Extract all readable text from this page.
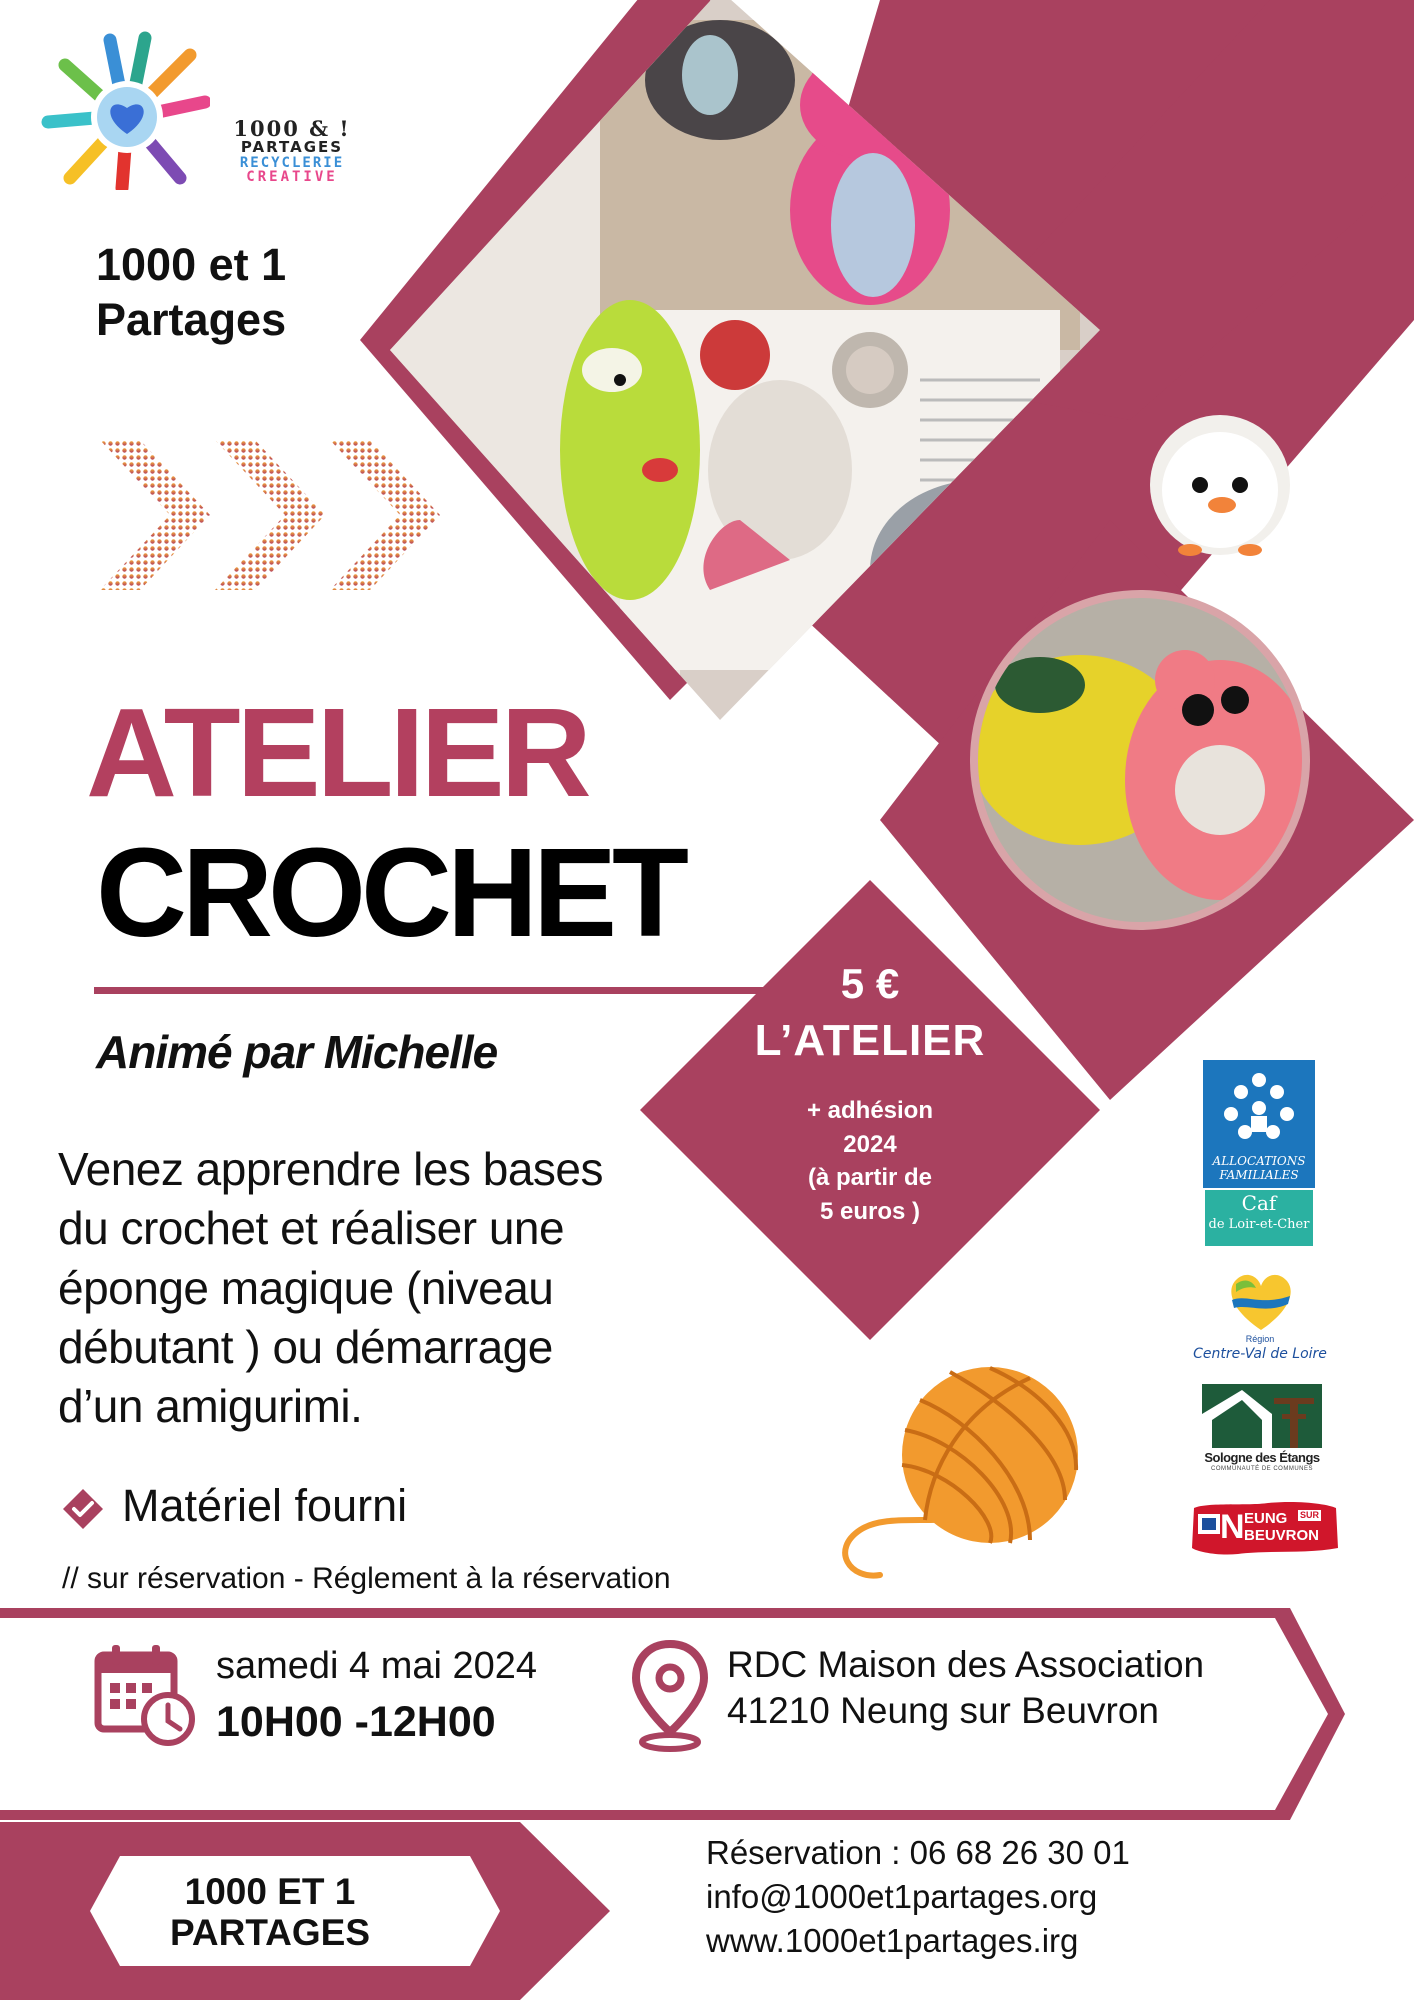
1000 & !
PARTAGES
RECYCLERIE
CREATIVE
1000 et 1
Partages
ATELIER
CROCHET
Animé par Michelle
Venez apprendre les bases
du crochet et réaliser une
éponge magique (niveau
débutant ) ou démarrage
d’un amigurimi.
Matériel fourni
// sur réservation - Réglement à la réservation
5 €
L’ATELIER
+ adhésion
2024
(à partir de
5 euros )
ALLOCATIONS
FAMILIALES
Caf
de Loir-et-Cher
Région
Centre-Val de Loire
Sologne des Étangs
COMMUNAUTÉ DE COMMUNES
N EUNG SUR
BEUVRON
samedi 4 mai 2024
10H00 -12H00
RDC Maison des Association
41210 Neung sur Beuvron
1000 ET 1
PARTAGES
Réservation : 06 68 26 30 01
info@1000et1partages.org
www.1000et1partages.irg
